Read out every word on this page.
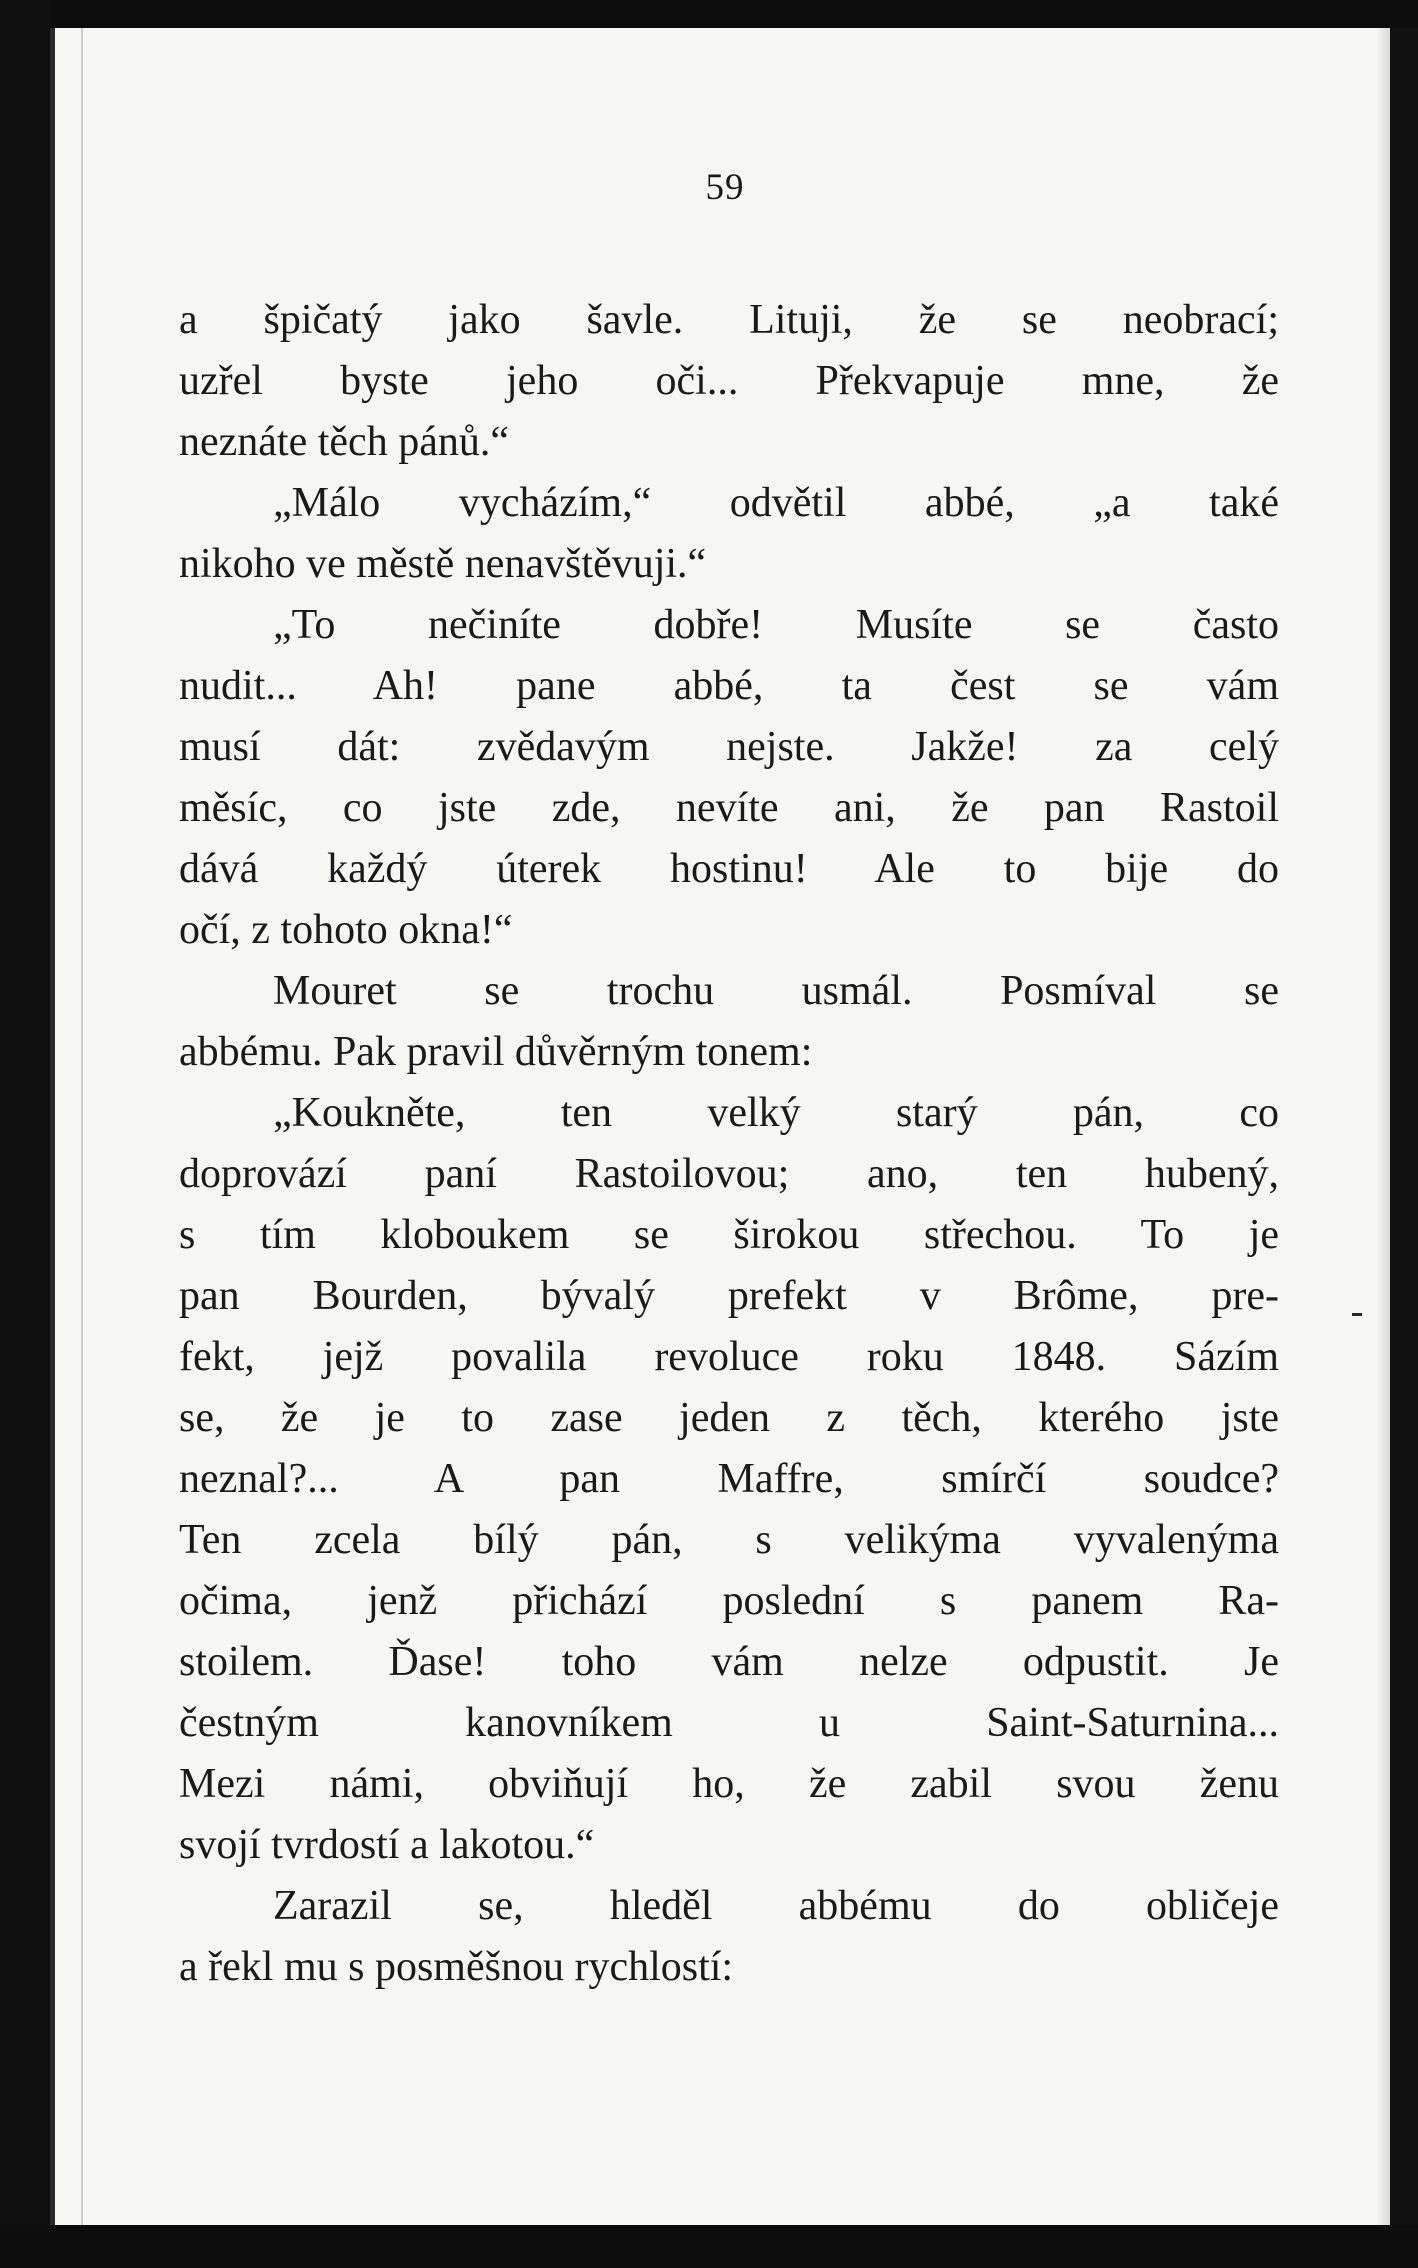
59
a špičatý jako šavle. Lituji, že se neobrací;
uzřel byste jeho oči... Překvapuje mne, že
neznáte těch pánů.“
„Málo vycházím,“ odvětil abbé, „a také
nikoho ve městě nenavštěvuji.“
„To nečiníte dobře! Musíte se často
nudit... Ah! pane abbé, ta čest se vám
musí dát: zvědavým nejste. Jakže! za celý
měsíc, co jste zde, nevíte ani, že pan Rastoil
dává každý úterek hostinu! Ale to bije do
očí, z tohoto okna!“
Mouret se trochu usmál. Posmíval se
abbému. Pak pravil důvěrným tonem:
„Koukněte, ten velký starý pán, co
doprovází paní Rastoilovou; ano, ten hubený,
s tím kloboukem se širokou střechou. To je
pan Bourden, bývalý prefekt v Brôme, pre-
fekt, jejž povalila revoluce roku 1848. Sázím
se, že je to zase jeden z těch, kterého jste
neznal?... A pan Maffre, smírčí soudce?
Ten zcela bílý pán, s velikýma vyvalenýma
očima, jenž přichází poslední s panem Ra-
stoilem. Ďase! toho vám nelze odpustit. Je
čestným kanovníkem u Saint-Saturnina...
Mezi námi, obviňují ho, že zabil svou ženu
svojí tvrdostí a lakotou.“
Zarazil se, hleděl abbému do obličeje
a řekl mu s posměšnou rychlostí:
